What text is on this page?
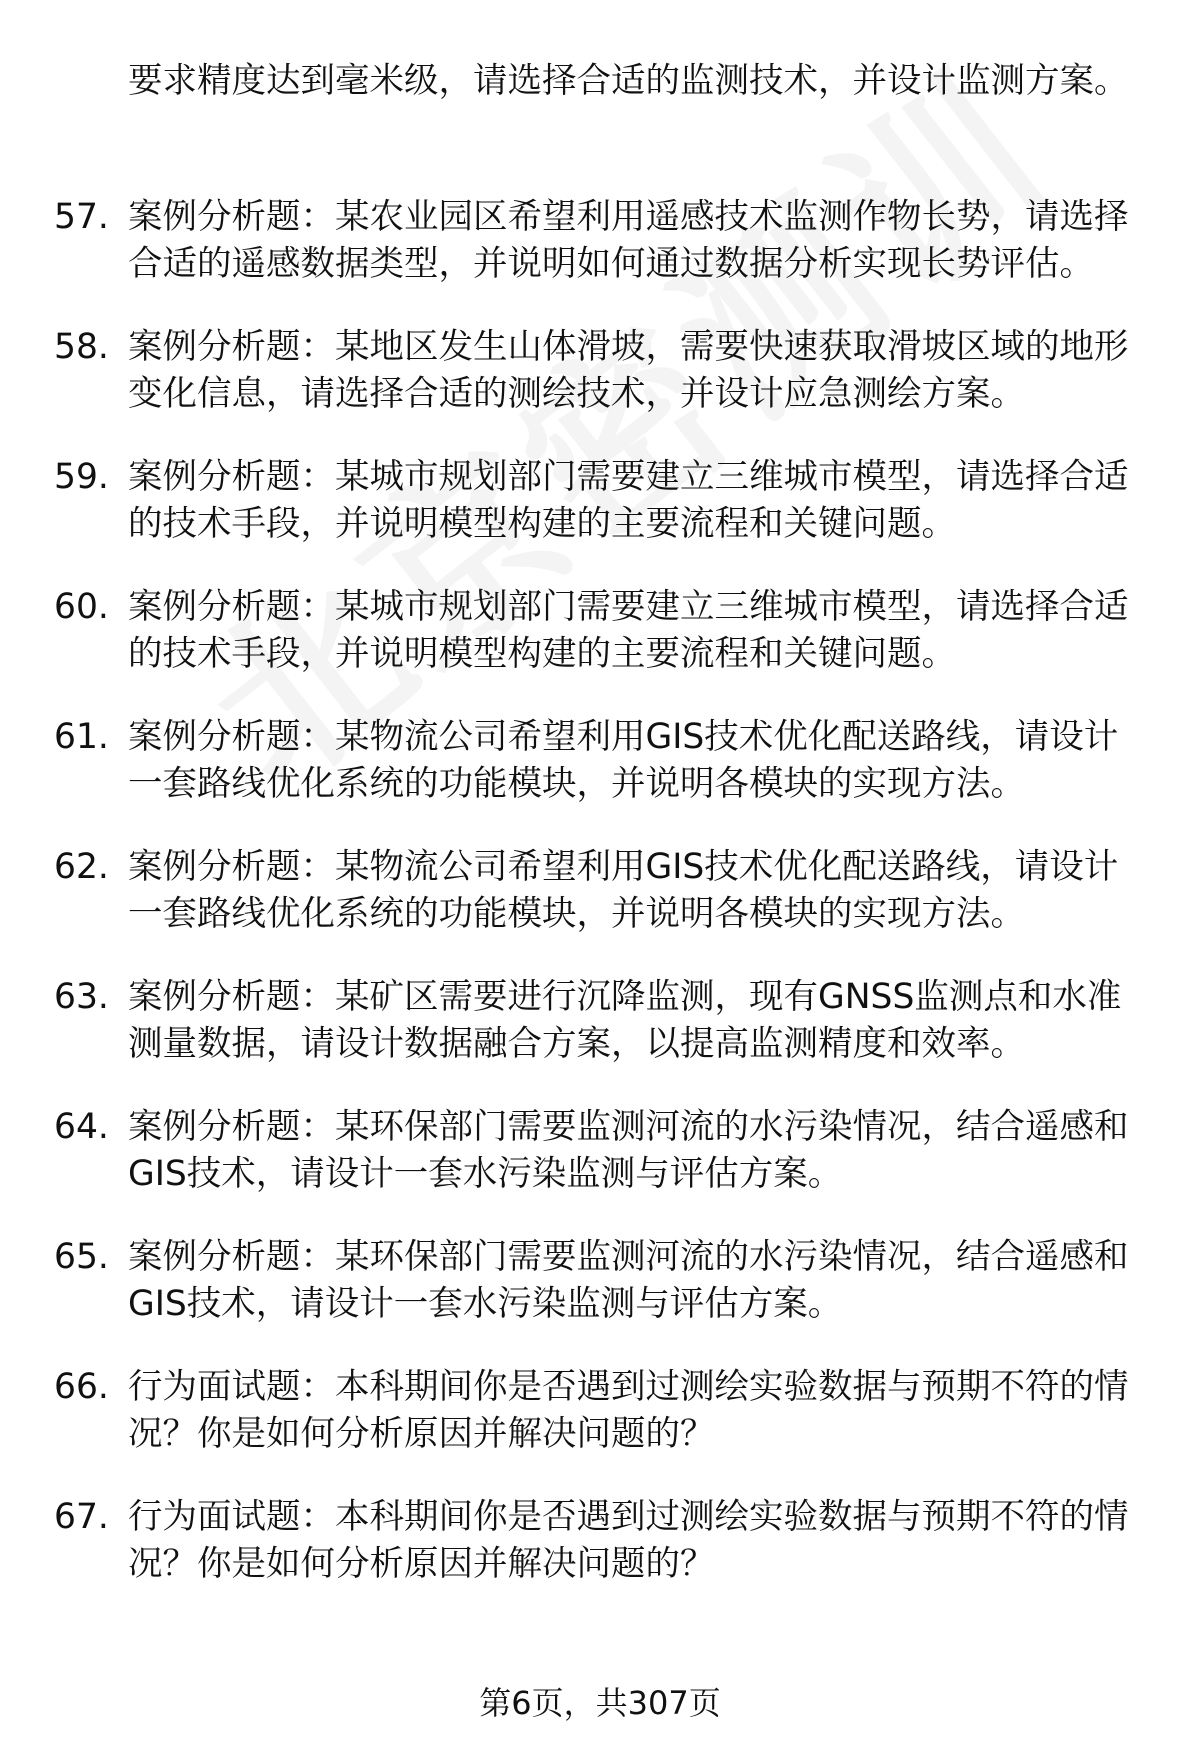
要求精度达到毫米级，请选择合适的监测技术，并设计监测方案。

57. 案例分析题：某农业园区希望利用遥感技术监测作物长势，请选择合适的遥感数据类型，并说明如何通过数据分析实现长势评估。
58. 案例分析题：某地区发生山体滑坡，需要快速获取滑坡区域的地形变化信息，请选择合适的测绘技术，并设计应急测绘方案。
59. 案例分析题：某城市规划部门需要建立三维城市模型，请选择合适的技术手段，并说明模型构建的主要流程和关键问题。
60. 案例分析题：某城市规划部门需要建立三维城市模型，请选择合适的技术手段，并说明模型构建的主要流程和关键问题。
61. 案例分析题：某物流公司希望利用GIS技术优化配送路线，请设计一套路线优化系统的功能模块，并说明各模块的实现方法。
62. 案例分析题：某物流公司希望利用GIS技术优化配送路线，请设计一套路线优化系统的功能模块，并说明各模块的实现方法。
63. 案例分析题：某矿区需要进行沉降监测，现有GNSS监测点和水准测量数据，请设计数据融合方案，以提高监测精度和效率。
64. 案例分析题：某环保部门需要监测河流的水污染情况，结合遥感和GIS技术，请设计一套水污染监测与评估方案。
65. 案例分析题：某环保部门需要监测河流的水污染情况，结合遥感和GIS技术，请设计一套水污染监测与评估方案。
66. 行为面试题：本科期间你是否遇到过测绘实验数据与预期不符的情况？你是如何分析原因并解决问题的？
67. 行为面试题：本科期间你是否遇到过测绘实验数据与预期不符的情况？你是如何分析原因并解决问题的？
第6页，共307页
